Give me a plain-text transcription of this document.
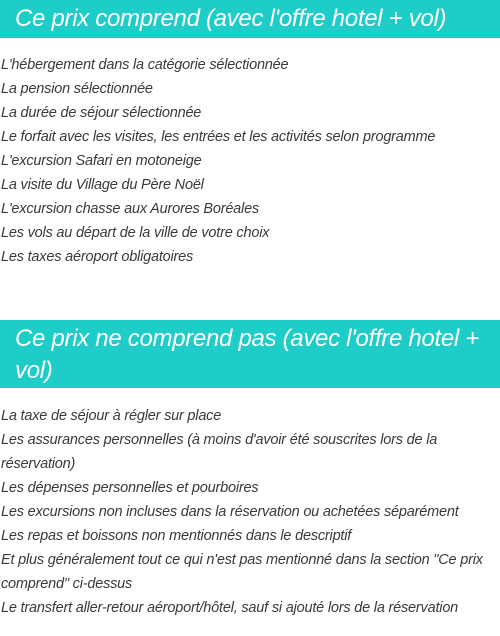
Ce prix comprend (avec l'offre hotel + vol)
L'hébergement dans la catégorie sélectionnée
La pension sélectionnée
La durée de séjour sélectionnée
Le forfait avec les visites, les entrées et les activités selon programme
L'excursion Safari en motoneige
La visite du Village du Père Noël
L'excursion chasse aux Aurores Boréales
Les vols au départ de la ville de votre choix
Les taxes aéroport obligatoires
Ce prix ne comprend pas (avec l'offre hotel + vol)
La taxe de séjour à régler sur place
Les assurances personnelles (à moins d'avoir été souscrites lors de la réservation)
Les dépenses personnelles et pourboires
Les excursions non incluses dans la réservation ou achetées séparément
Les repas et boissons non mentionnés dans le descriptif
Et plus généralement tout ce qui n'est pas mentionné dans la section "Ce prix comprend" ci-dessus
Le transfert aller-retour aéroport/hôtel, sauf si ajouté lors de la réservation
